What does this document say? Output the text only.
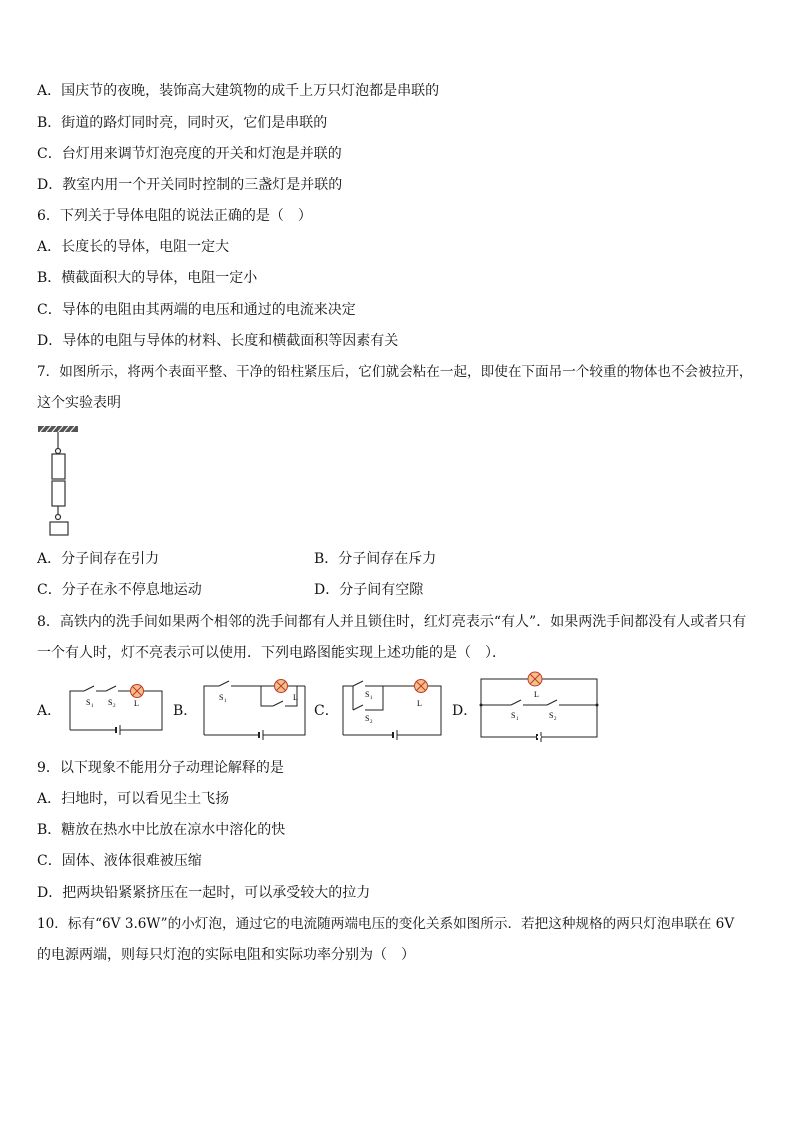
A．国庆节的夜晚，装饰高大建筑物的成千上万只灯泡都是串联的
B．街道的路灯同时亮，同时灭，它们是串联的
C．台灯用来调节灯泡亮度的开关和灯泡是并联的
D．教室内用一个开关同时控制的三盏灯是并联的
6．下列关于导体电阻的说法正确的是（　）
A．长度长的导体，电阻一定大
B．横截面积大的导体，电阻一定小
C．导体的电阻由其两端的电压和通过的电流来决定
D．导体的电阻与导体的材料、长度和横截面积等因素有关
7．如图所示，将两个表面平整、干净的铅柱紧压后，它们就会粘在一起，即使在下面吊一个较重的物体也不会被拉开，
这个实验表明
A．分子间存在引力	B．分子间存在斥力
C．分子在永不停息地运动	D．分子间有空隙
8．高铁内的洗手间如果两个相邻的洗手间都有人并且锁住时，红灯亮表示“有人”．如果两洗手间都没有人或者只有
一个有人时，灯不亮表示可以使用．下列电路图能实现上述功能的是（　）．
A．	B．	C．	D．
S 1 S 2 L
S 1	L	S 1
S 2
L
L
S 1	S 2
9．以下现象不能用分子动理论解释的是
A．扫地时，可以看见尘土飞扬
B．糖放在热水中比放在凉水中溶化的快
C．固体、液体很难被压缩
D．把两块铅紧紧挤压在一起时，可以承受较大的拉力
10．标有“6V 3.6W”的小灯泡，通过它的电流随两端电压的变化关系如图所示．若把这种规格的两只灯泡串联在 6V
的电源两端，则每只灯泡的实际电阻和实际功率分别为（　）
